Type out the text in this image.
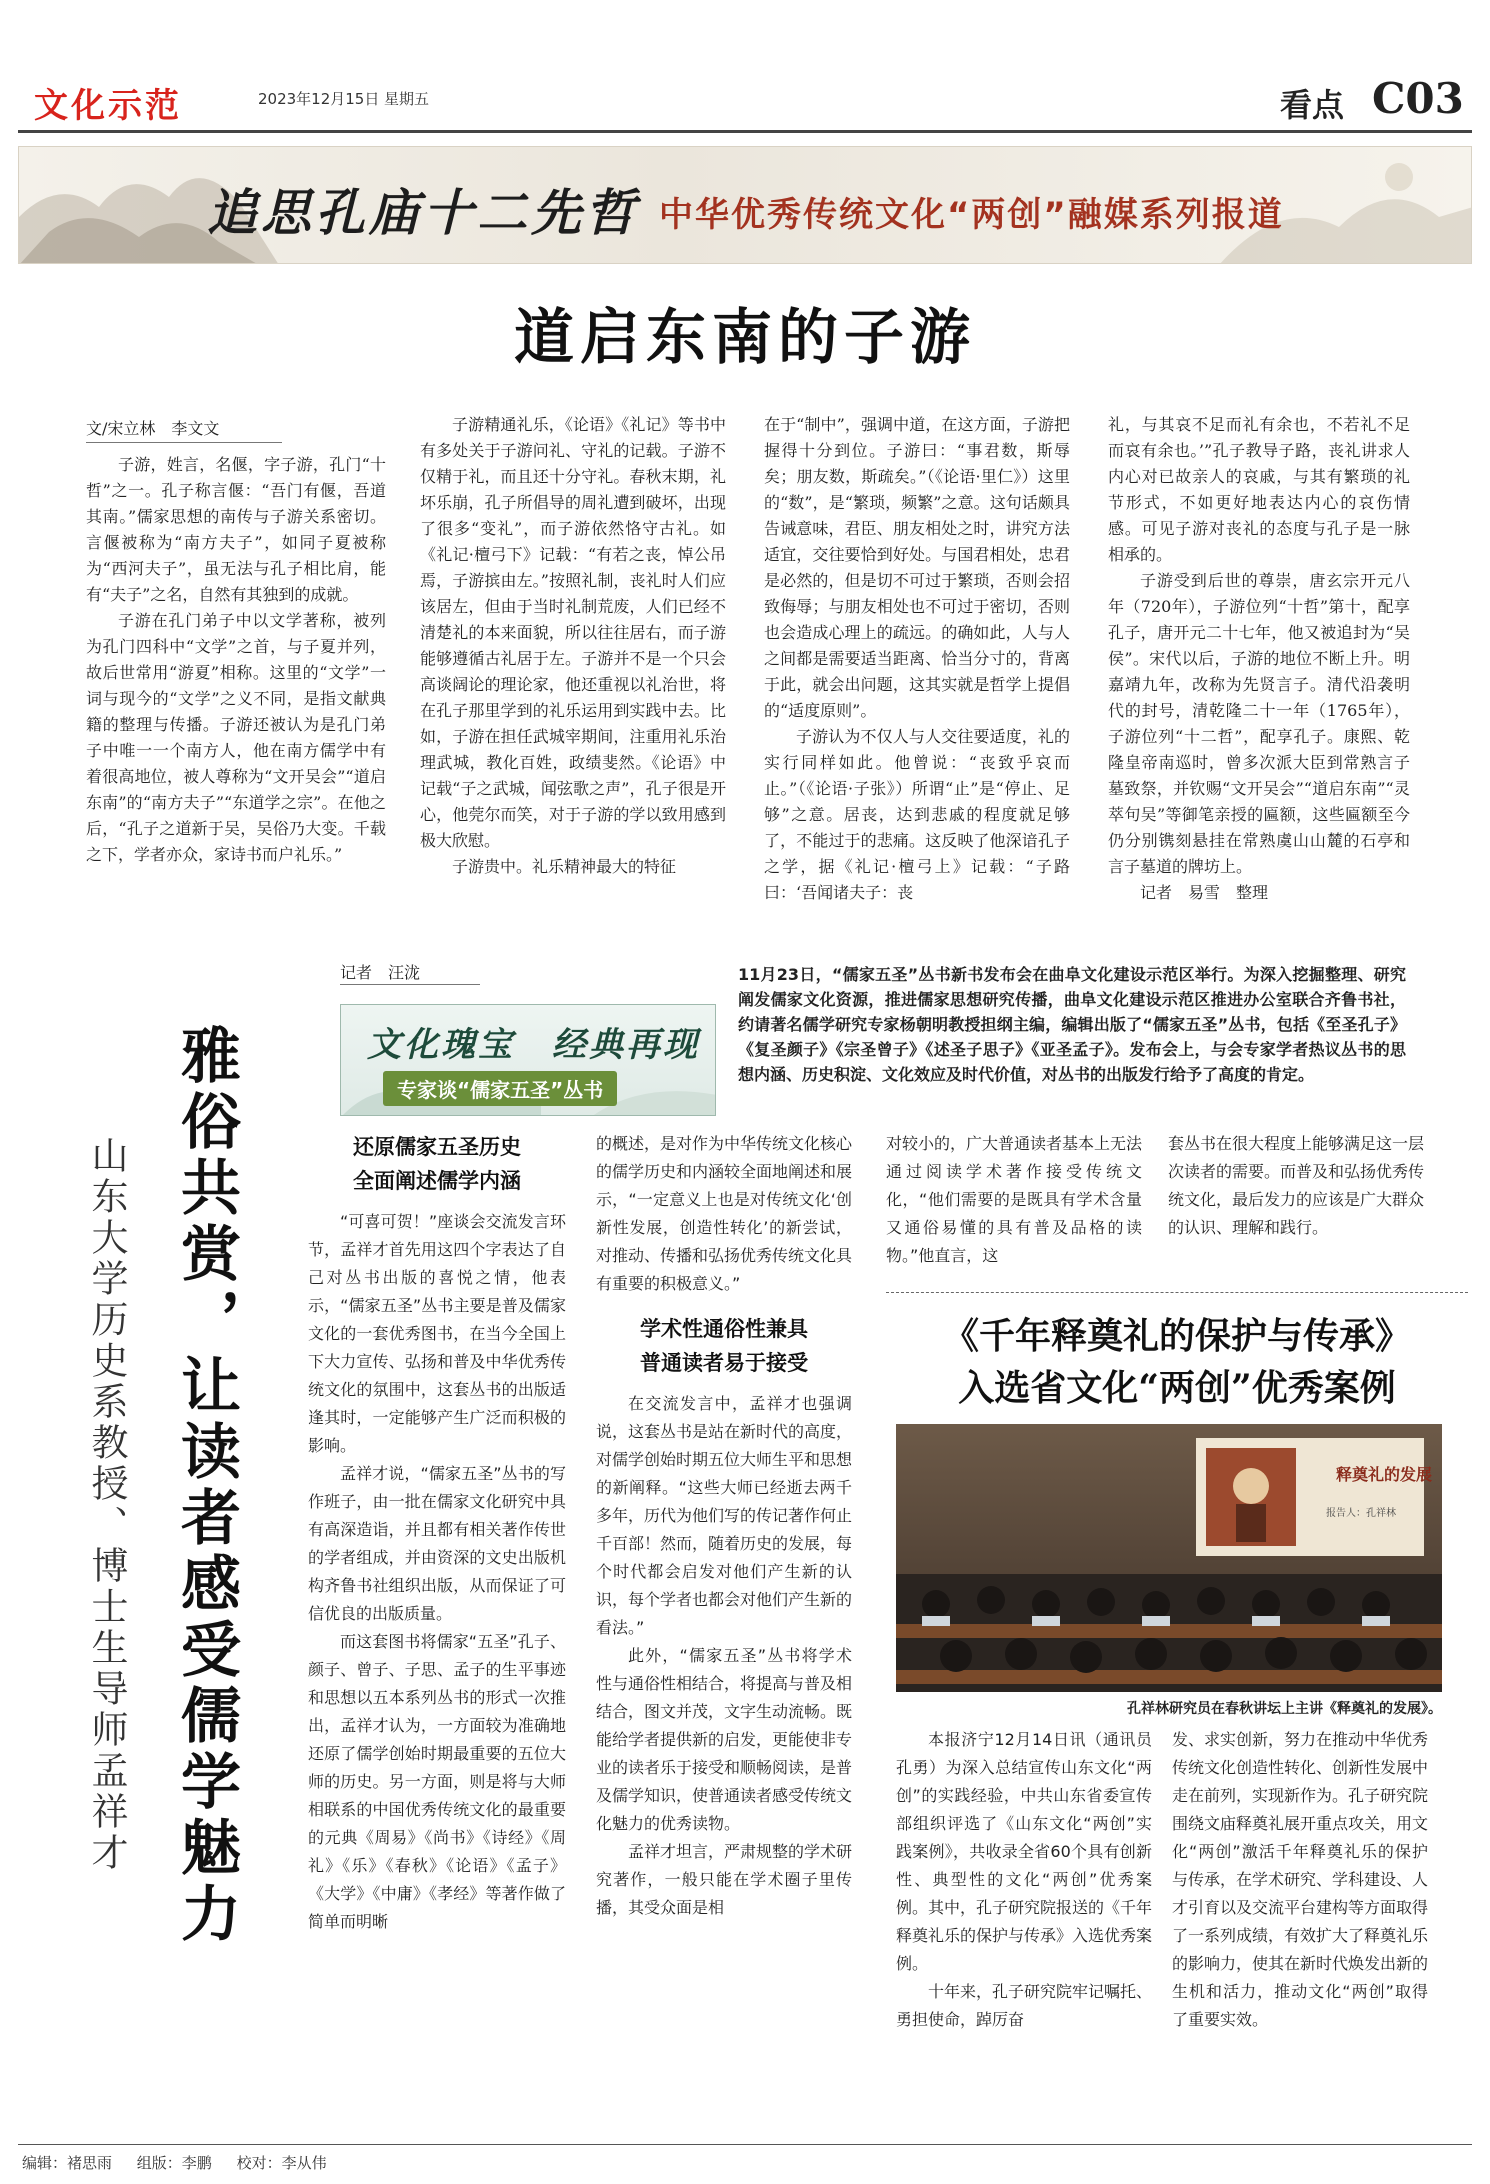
文化示范	2023年12月15日 星期五	看点 C03
追思孔庙十二先哲 中华优秀传统文化“两创”融媒系列报道
道启东南的子游
文/宋立林　李文文

子游，姓言，名偃，字子游，孔门“十哲”之一。孔子称言偃：“吾门有偃，吾道其南。”儒家思想的南传与子游关系密切。言偃被称为“南方夫子”，如同子夏被称为“西河夫子”，虽无法与孔子相比肩，能有“夫子”之名，自然有其独到的成就。

子游在孔门弟子中以文学著称，被列为孔门四科中“文学”之首，与子夏并列，故后世常用“游夏”相称。这里的“文学”一词与现今的“文学”之义不同，是指文献典籍的整理与传播。子游还被认为是孔门弟子中唯一一个南方人，他在南方儒学中有着很高地位，被人尊称为“文开吴会”“道启东南”的“南方夫子”“东道学之宗”。在他之后，“孔子之道新于吴，吴俗乃大变。千载之下，学者亦众，家诗书而户礼乐。”

子游精通礼乐，《论语》《礼记》等书中有多处关于子游问礼、守礼的记载。子游不仅精于礼，而且还十分守礼。春秋末期，礼坏乐崩，孔子所倡导的周礼遭到破坏，出现了很多“变礼”，而子游依然恪守古礼。如《礼记·檀弓下》记载：“有若之丧，悼公吊焉，子游摈由左。”按照礼制，丧礼时人们应该居左，但由于当时礼制荒废，人们已经不清楚礼的本来面貌，所以往往居右，而子游能够遵循古礼居于左。子游并不是一个只会高谈阔论的理论家，他还重视以礼治世，将在孔子那里学到的礼乐运用到实践中去。比如，子游在担任武城宰期间，注重用礼乐治理武城，教化百姓，政绩斐然。《论语》中记载“子之武城，闻弦歌之声”，孔子很是开心，他莞尔而笑，对于子游的学以致用感到极大欣慰。

子游贵中。礼乐精神最大的特征

在于“制中”，强调中道，在这方面，子游把握得十分到位。子游曰：“事君数，斯辱矣；朋友数，斯疏矣。”（《论语·里仁》）这里的“数”，是“繁琐，频繁”之意。这句话颇具告诫意味，君臣、朋友相处之时，讲究方法适宜，交往要恰到好处。与国君相处，忠君是必然的，但是切不可过于繁琐，否则会招致侮辱；与朋友相处也不可过于密切，否则也会造成心理上的疏远。的确如此，人与人之间都是需要适当距离、恰当分寸的，背离于此，就会出问题，这其实就是哲学上提倡的“适度原则”。

子游认为不仅人与人交往要适度，礼的实行同样如此。他曾说：“丧致乎哀而止。”（《论语·子张》）所谓“止”是“停止、足够”之意。居丧，达到悲戚的程度就足够了，不能过于的悲痛。这反映了他深谙孔子之学，据《礼记·檀弓上》记载：“子路曰：‘吾闻诸夫子：丧

礼，与其哀不足而礼有余也，不若礼不足而哀有余也。’”孔子教导子路，丧礼讲求人内心对已故亲人的哀戚，与其有繁琐的礼节形式，不如更好地表达内心的哀伤情感。可见子游对丧礼的态度与孔子是一脉相承的。

子游受到后世的尊崇，唐玄宗开元八年（720年），子游位列“十哲”第十，配享孔子，唐开元二十七年，他又被追封为“吴侯”。宋代以后，子游的地位不断上升。明嘉靖九年，改称为先贤言子。清代沿袭明代的封号，清乾隆二十一年（1765年），子游位列“十二哲”，配享孔子。康熙、乾隆皇帝南巡时，曾多次派大臣到常熟言子墓致祭，并钦赐“文开吴会”“道启东南”“灵萃句吴”等御笔亲授的匾额，这些匾额至今仍分别镌刻悬挂在常熟虞山山麓的石亭和言子墓道的牌坊上。

记者　易雪　整理

记者　汪泷
文化瑰宝　经典再现
专家谈“儒家五圣”丛书
11月23日，“儒家五圣”丛书新书发布会在曲阜文化建设示范区举行。为深入挖掘整理、研究阐发儒家文化资源，推进儒家思想研究传播，曲阜文化建设示范区推进办公室联合齐鲁书社，约请著名儒学研究专家杨朝明教授担纲主编，编辑出版了“儒家五圣”丛书，包括《至圣孔子》《复圣颜子》《宗圣曾子》《述圣子思子》《亚圣孟子》。发布会上，与会专家学者热议丛书的思想内涵、历史积淀、文化效应及时代价值，对丛书的出版发行给予了高度的肯定。
山东大学历史系教授、博士生导师孟祥才 雅俗共赏，让读者感受儒学魅力	还原儒家五圣历史
全面阐述儒学内涵

“可喜可贺！”座谈会交流发言环节，孟祥才首先用这四个字表达了自己对丛书出版的喜悦之情，他表示，“儒家五圣”丛书主要是普及儒家文化的一套优秀图书，在当今全国上下大力宣传、弘扬和普及中华优秀传统文化的氛围中，这套丛书的出版适逢其时，一定能够产生广泛而积极的影响。

孟祥才说，“儒家五圣”丛书的写作班子，由一批在儒家文化研究中具有高深造诣，并且都有相关著作传世的学者组成，并由资深的文史出版机构齐鲁书社组织出版，从而保证了可信优良的出版质量。

而这套图书将儒家“五圣”孔子、颜子、曾子、子思、孟子的生平事迹和思想以五本系列丛书的形式一次推出，孟祥才认为，一方面较为准确地还原了儒学创始时期最重要的五位大师的历史。另一方面，则是将与大师相联系的中国优秀传统文化的最重要的元典《周易》《尚书》《诗经》《周礼》《乐》《春秋》《论语》《孟子》《大学》《中庸》《孝经》等著作做了简单而明晰

的概述，是对作为中华传统文化核心的儒学历史和内涵较全面地阐述和展示，“一定意义上也是对传统文化‘创新性发展，创造性转化’的新尝试，对推动、传播和弘扬优秀传统文化具有重要的积极意义。”

学术性通俗性兼具
普通读者易于接受

在交流发言中，孟祥才也强调说，这套丛书是站在新时代的高度，对儒学创始时期五位大师生平和思想的新阐释。“这些大师已经逝去两千多年，历代为他们写的传记著作何止千百部！然而，随着历史的发展，每个时代都会启发对他们产生新的认识，每个学者也都会对他们产生新的看法。”

此外，“儒家五圣”丛书将学术性与通俗性相结合，将提高与普及相结合，图文并茂，文字生动流畅。既能给学者提供新的启发，更能使非专业的读者乐于接受和顺畅阅读，是普及儒学知识，使普通读者感受传统文化魅力的优秀读物。

孟祥才坦言，严肃规整的学术研究著作，一般只能在学术圈子里传播，其受众面是相

对较小的，广大普通读者基本上无法通过阅读学术著作接受传统文化，“他们需要的是既具有学术含量又通俗易懂的具有普及品格的读物。”他直言，这

套丛书在很大程度上能够满足这一层次读者的需要。而普及和弘扬优秀传统文化，最后发力的应该是广大群众的认识、理解和践行。

《千年释奠礼的保护与传承》
入选省文化“两创”优秀案例
释奠礼的发展
报告人：孔祥林
孔祥林研究员在春秋讲坛上主讲《释奠礼的发展》。

本报济宁12月14日讯（通讯员　孔勇）为深入总结宣传山东文化“两创”的实践经验，中共山东省委宣传部组织评选了《山东文化“两创”实践案例》，共收录全省60个具有创新性、典型性的文化“两创”优秀案例。其中，孔子研究院报送的《千年释奠礼乐的保护与传承》入选优秀案例。

十年来，孔子研究院牢记嘱托、勇担使命，踔厉奋

发、求实创新，努力在推动中华优秀传统文化创造性转化、创新性发展中走在前列，实现新作为。孔子研究院围绕文庙释奠礼展开重点攻关，用文化“两创”激活千年释奠礼乐的保护与传承，在学术研究、学科建设、人才引育以及交流平台建构等方面取得了一系列成绩，有效扩大了释奠礼乐的影响力，使其在新时代焕发出新的生机和活力，推动文化“两创”取得了重要实效。

编辑：褚思雨 组版：李鹏 校对：李从伟
